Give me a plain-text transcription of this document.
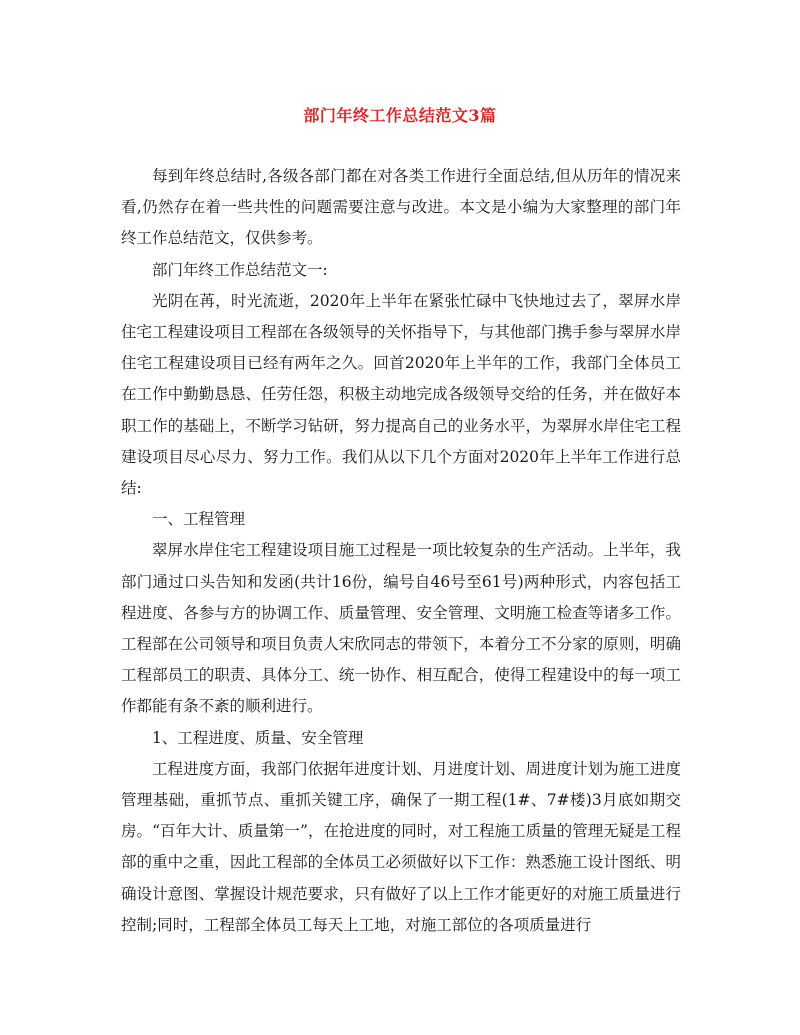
部门年终工作总结范文3篇

每到年终总结时,各级各部门都在对各类工作进行全面总结,但从历年的情况来看,仍然存在着一些共性的问题需要注意与改进。本文是小编为大家整理的部门年终工作总结范文，仅供参考。

部门年终工作总结范文一:

光阴在苒，时光流逝，2020年上半年在紧张忙碌中飞快地过去了，翠屏水岸住宅工程建设项目工程部在各级领导的关怀指导下，与其他部门携手参与翠屏水岸住宅工程建设项目已经有两年之久。回首2020年上半年的工作，我部门全体员工在工作中勤勤恳恳、任劳任怨，积极主动地完成各级领导交给的任务，并在做好本职工作的基础上，不断学习钻研，努力提高自己的业务水平，为翠屏水岸住宅工程建设项目尽心尽力、努力工作。我们从以下几个方面对2020年上半年工作进行总结:

一、工程管理

翠屏水岸住宅工程建设项目施工过程是一项比较复杂的生产活动。上半年，我部门通过口头告知和发函(共计16份，编号自46号至61号)两种形式，内容包括工程进度、各参与方的协调工作、质量管理、安全管理、文明施工检查等诸多工作。工程部在公司领导和项目负责人宋欣同志的带领下，本着分工不分家的原则，明确工程部员工的职责、具体分工、统一协作、相互配合，使得工程建设中的每一项工作都能有条不紊的顺利进行。

1、工程进度、质量、安全管理

工程进度方面，我部门依据年进度计划、月进度计划、周进度计划为施工进度管理基础，重抓节点、重抓关键工序，确保了一期工程(1#、7#楼)3月底如期交房。“百年大计、质量第一”，在抢进度的同时，对工程施工质量的管理无疑是工程部的重中之重，因此工程部的全体员工必须做好以下工作：熟悉施工设计图纸、明确设计意图、掌握设计规范要求，只有做好了以上工作才能更好的对施工质量进行控制;同时，工程部全体员工每天上工地，对施工部位的各项质量进行
